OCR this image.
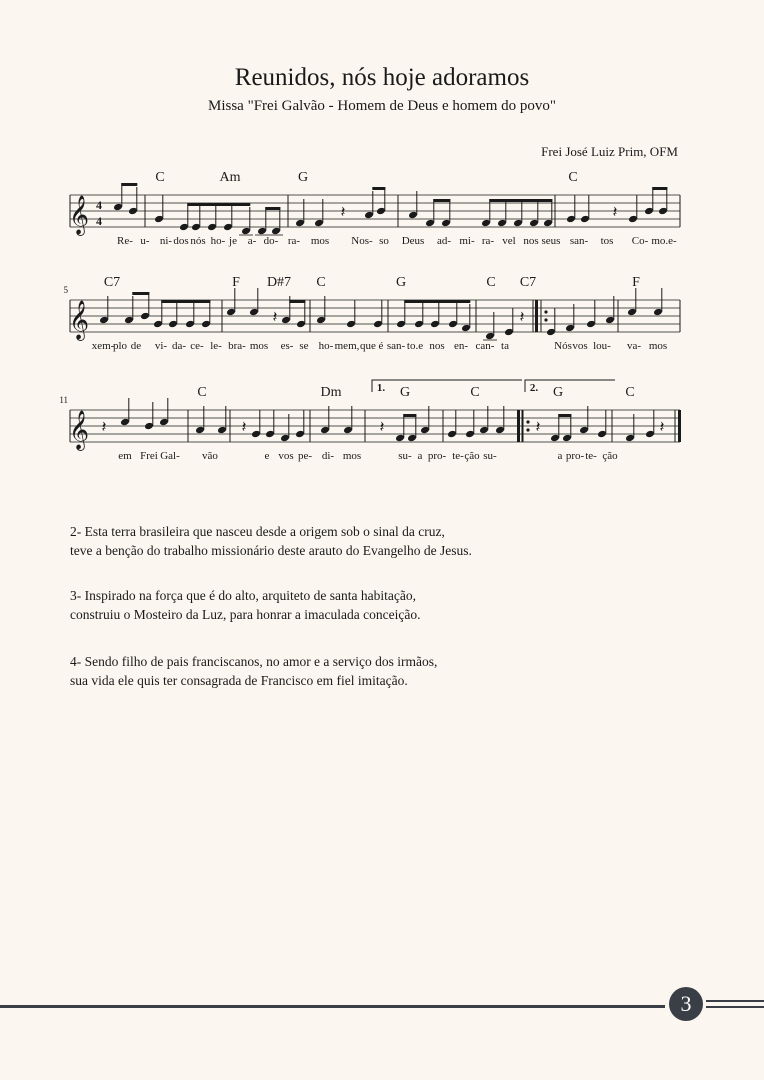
Reunidos, nós hoje adoramos
Missa "Frei Galvão - Homem de Deus e homem do povo"
Frei José Luiz Prim, OFM
𝄞 4
4	𝄽	𝄽
C	Am	G	C
Re- u- ni- dos nós ho- je a- do- ra- mos Nos- so Deus ad- mi- ra- vel nos seus san- tos Co- mo.e-
𝄞
5
𝄽	𝄽
C7	F D#7 C	G	C C7	F
xem-
plo de vi- da- ce- le- bra- mos es- se ho- mem, que é san- to.e nos en- can- ta	Nós vos lou- va- mos
𝄞
11
𝄽	𝄽	𝄽	𝄽	𝄽
C	Dm	G	C	G	C
em Frei Gal- vão	e vos pe- di- mos	su- a pro- te- ção su-	a pro- te- ção
1.	2.
2- Esta terra brasileira que nasceu desde a origem sob o sinal da cruz,
teve a benção do trabalho missionário deste arauto do Evangelho de Jesus.
3- Inspirado na força que é do alto, arquiteto de santa habitação,
construiu o Mosteiro da Luz, para honrar a imaculada conceição.
4- Sendo filho de pais franciscanos, no amor e a serviço dos irmãos,
sua vida ele quis ter consagrada de Francisco em fiel imitação.
3
